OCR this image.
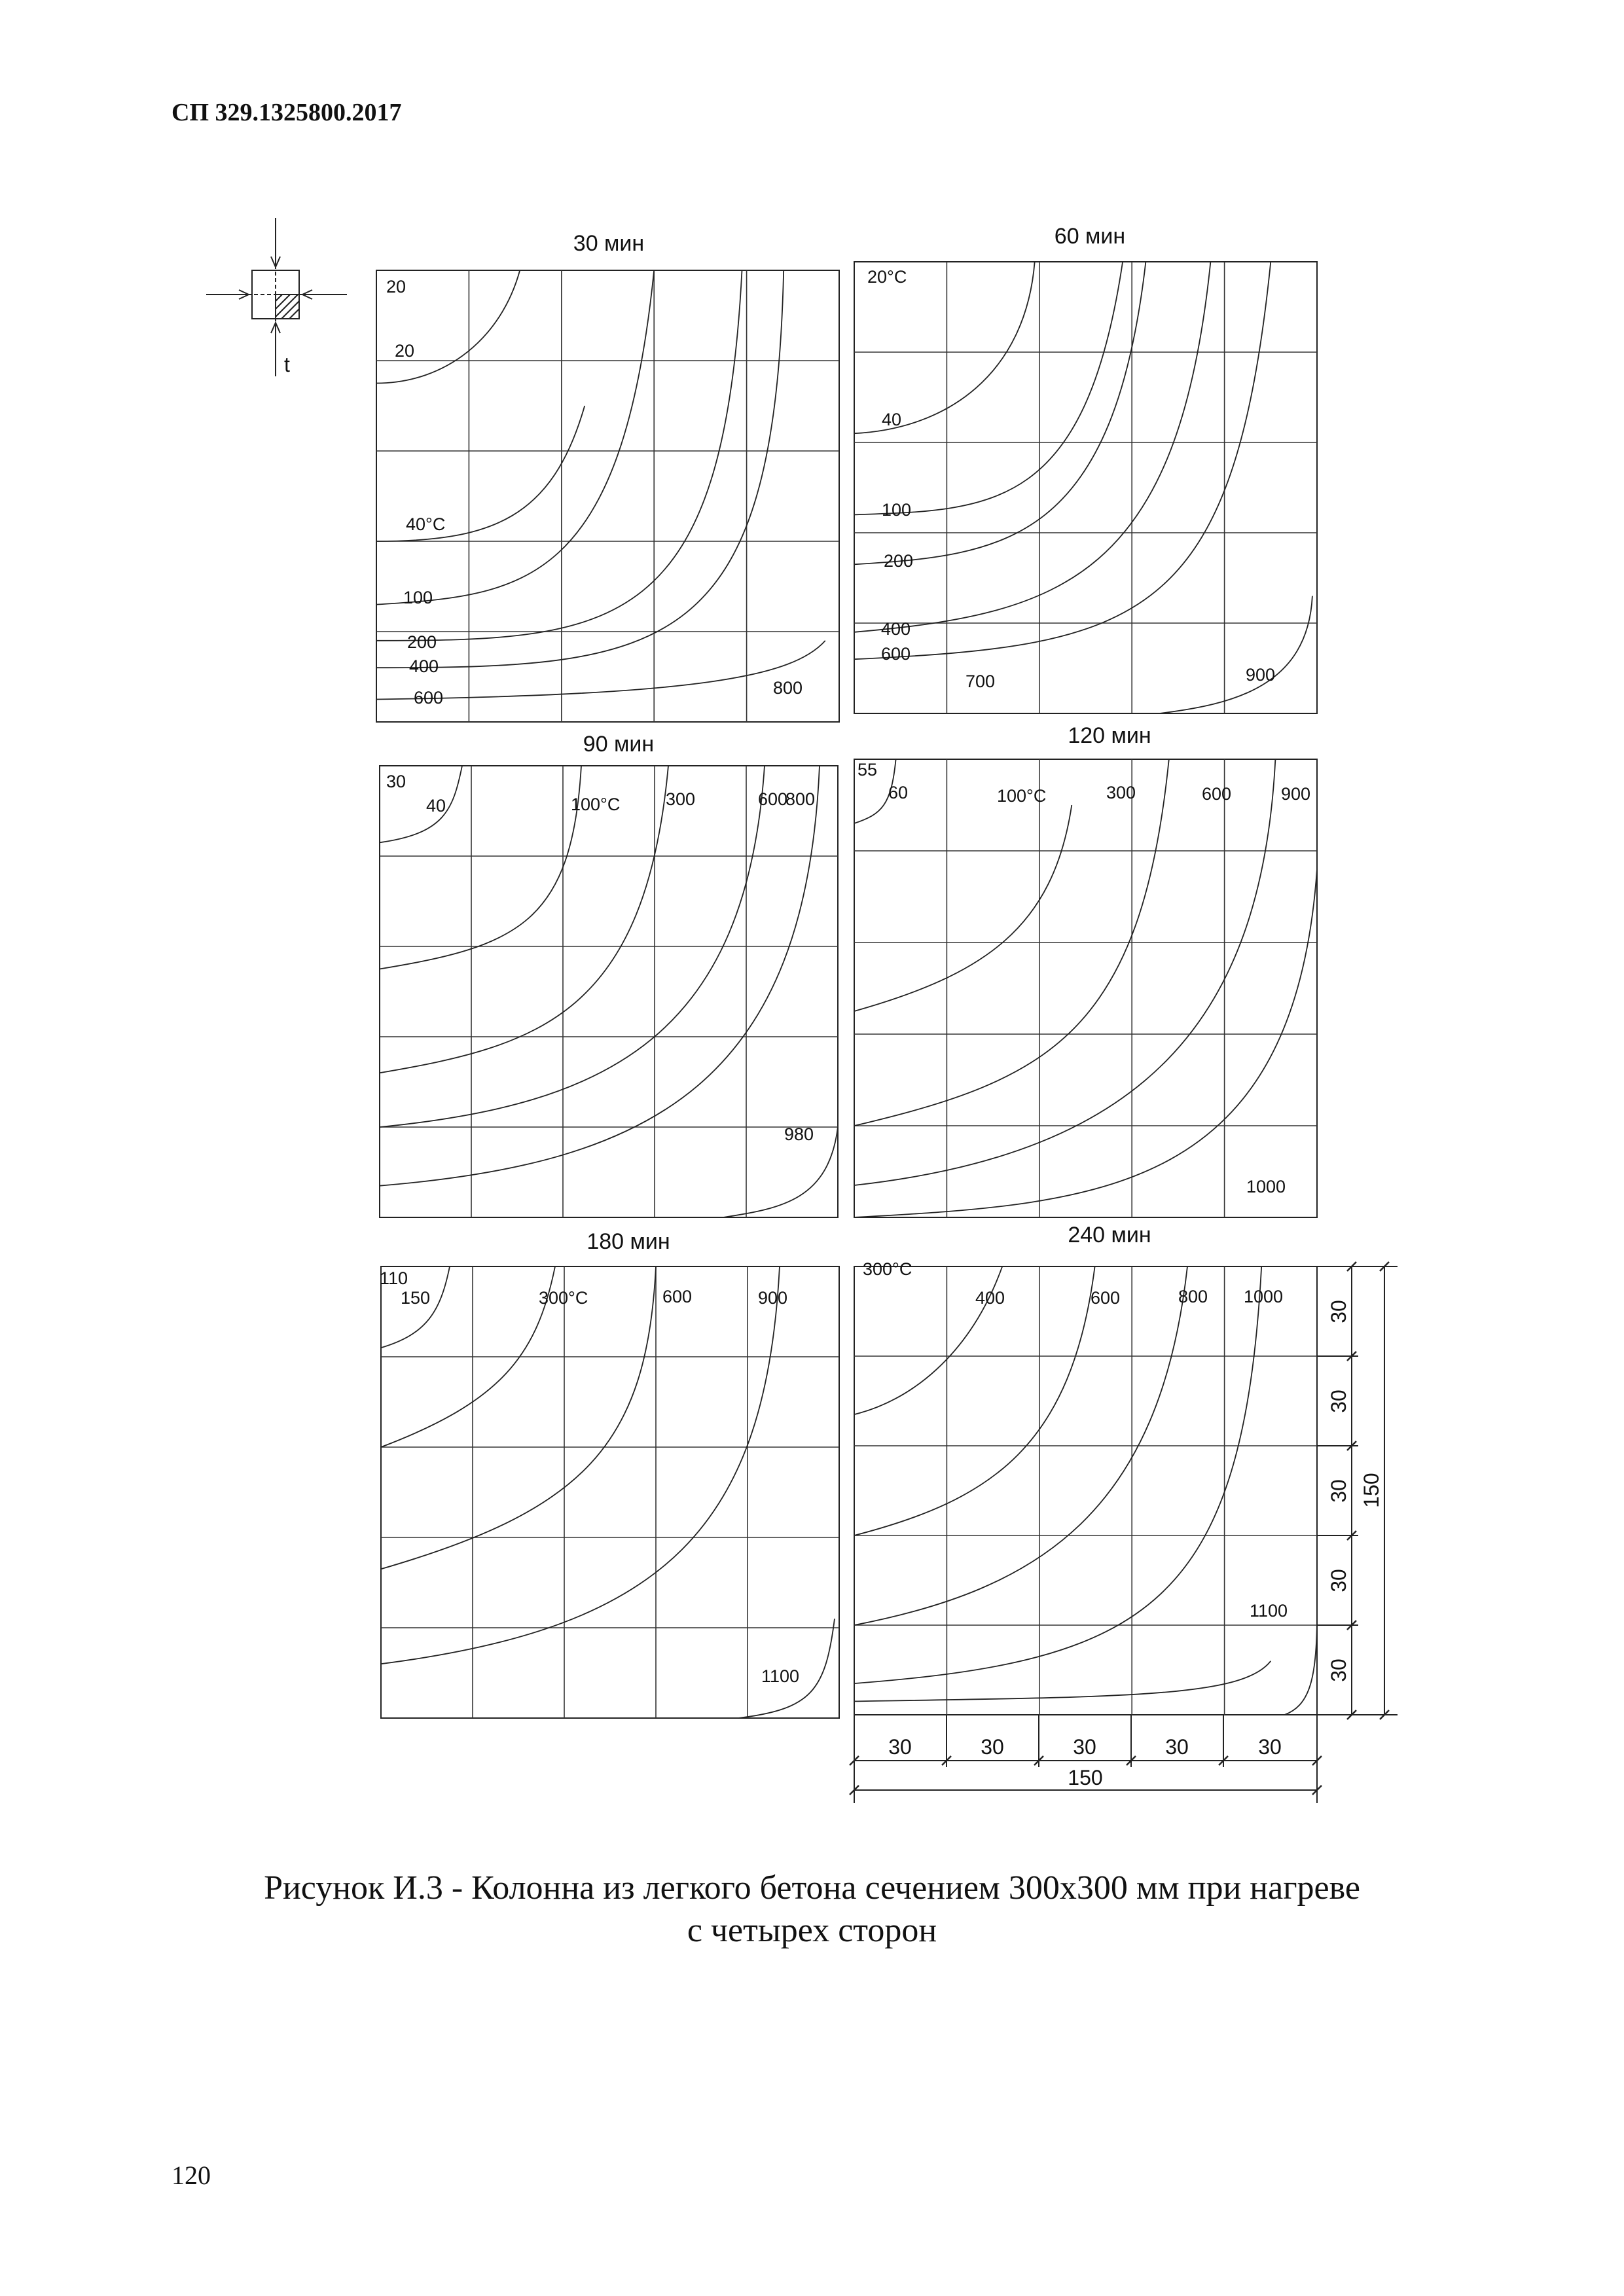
СП 329.1325800.2017
30 мин
20
20
40°С
100
200
400
600	800
60 мин
20°С
40
100
200
400
600
700	900
90 мин
30
40	100°С	300	600
800
980
120 мин
55
60	100°С	300	600	900
1000
180 мин
110
150	300°С	600	900
1100
240 мин
300°С
400	600	800 1000
1100
t
30	30	30	30	30
150
30
30
30
30
30
150
Рисунок И.3 - Колонна из легкого бетона сечением 300x300 мм при нагреве
с четырех сторон
120
